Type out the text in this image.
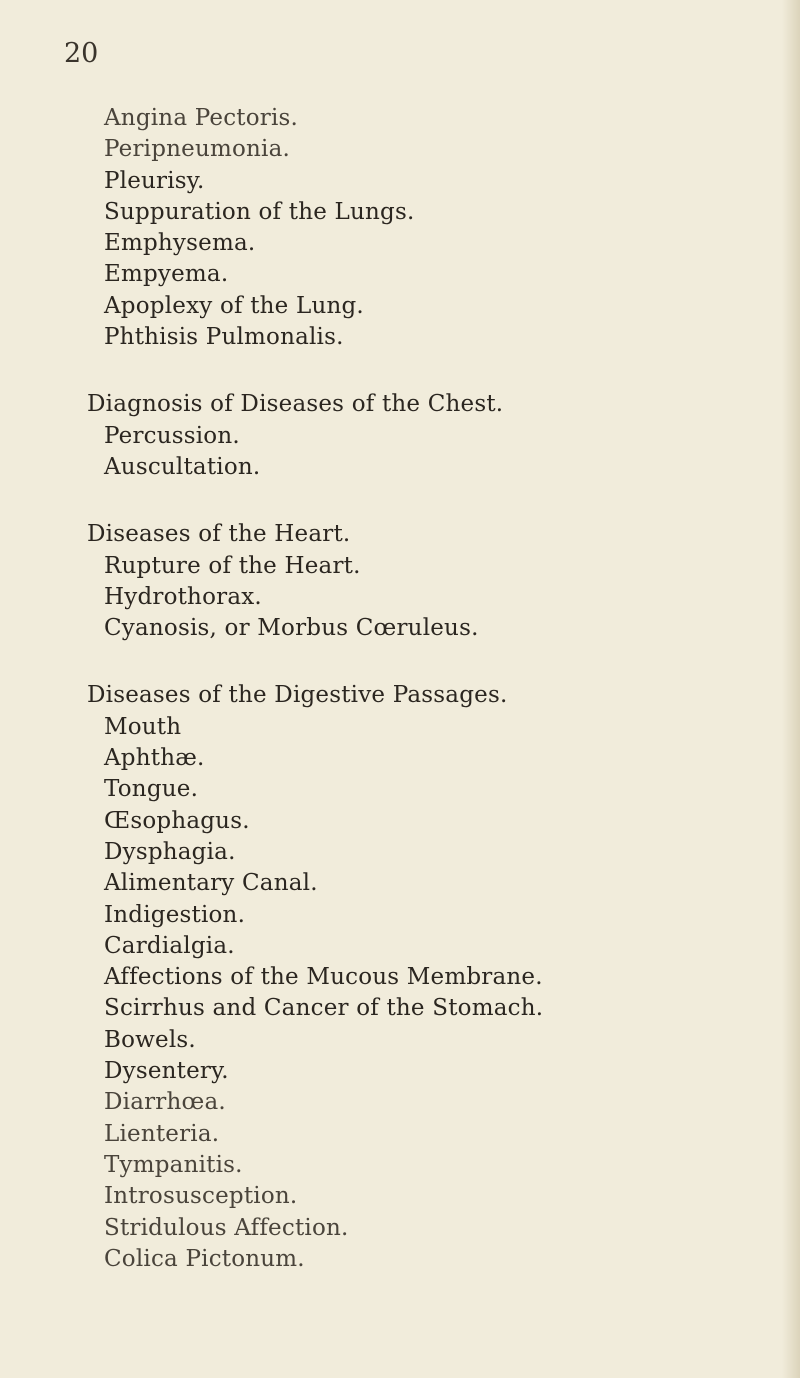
20
Angina Pectoris.
Peripneumonia.
Pleurisy.
Suppuration of the Lungs.
Emphysema.
Empyema.
Apoplexy of the Lung.
Phthisis Pulmonalis.
Diagnosis of Diseases of the Chest.
Percussion.
Auscultation.
Diseases of the Heart.
Rupture of the Heart.
Hydrothorax.
Cyanosis, or Morbus Cœruleus.
Diseases of the Digestive Passages.
Mouth
Aphthæ.
Tongue.
Œsophagus.
Dysphagia.
Alimentary Canal.
Indigestion.
Cardialgia.
Affections of the Mucous Membrane.
Scirrhus and Cancer of the Stomach.
Bowels.
Dysentery.
Diarrhœa.
Lienteria.
Tympanitis.
Introsusception.
Stridulous Affection.
Colica Pictonum.
